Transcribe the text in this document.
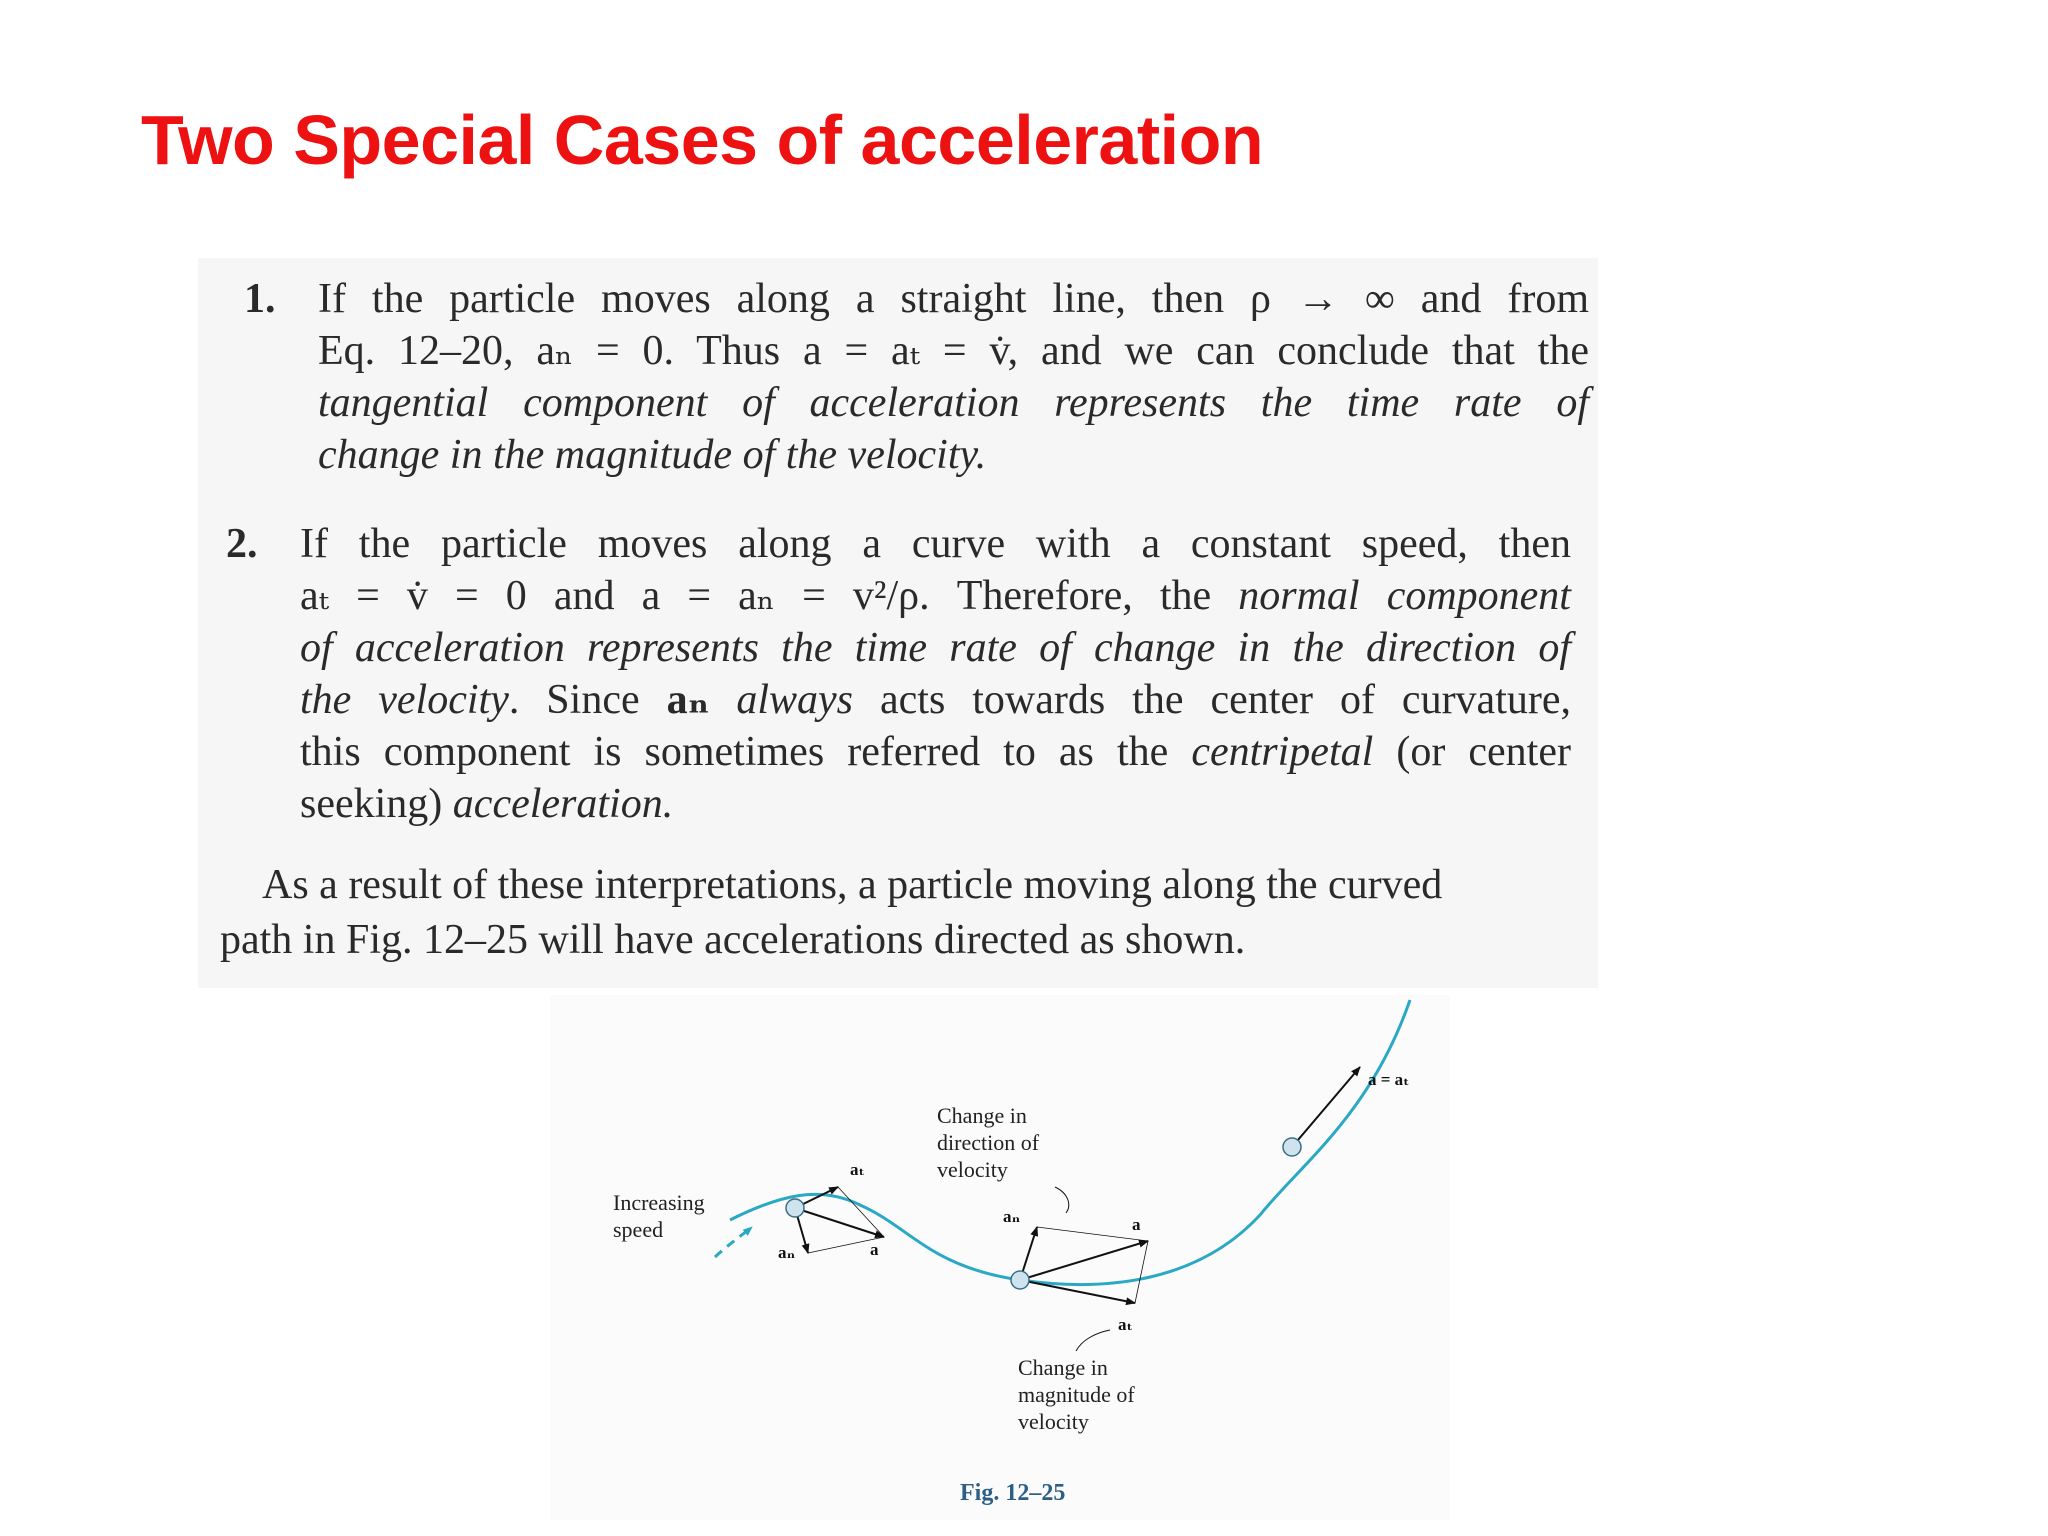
Two Special Cases of acceleration
1. If the particle moves along a straight line, then ρ → ∞ and from
Eq. 12–20, aₙ = 0. Thus a = aₜ = v̇, and we can conclude that the
tangential component of acceleration represents the time rate of
change in the magnitude of the velocity.
2. If the particle moves along a curve with a constant speed, then
aₜ = v̇ = 0 and a = aₙ = v²/ρ. Therefore, the normal component
of acceleration represents the time rate of change in the direction of
the velocity. Since aₙ always acts towards the center of curvature,
this component is sometimes referred to as the centripetal (or center
seeking) acceleration.
As a result of these interpretations, a particle moving along the curved
path in Fig. 12–25 will have accelerations directed as shown.
Increasing
speed
Change in
direction of
velocity
Change in
magnitude of
velocity
aₜ
aₙ	a
aₙ	a
aₜ
a = aₜ
Fig. 12–25
